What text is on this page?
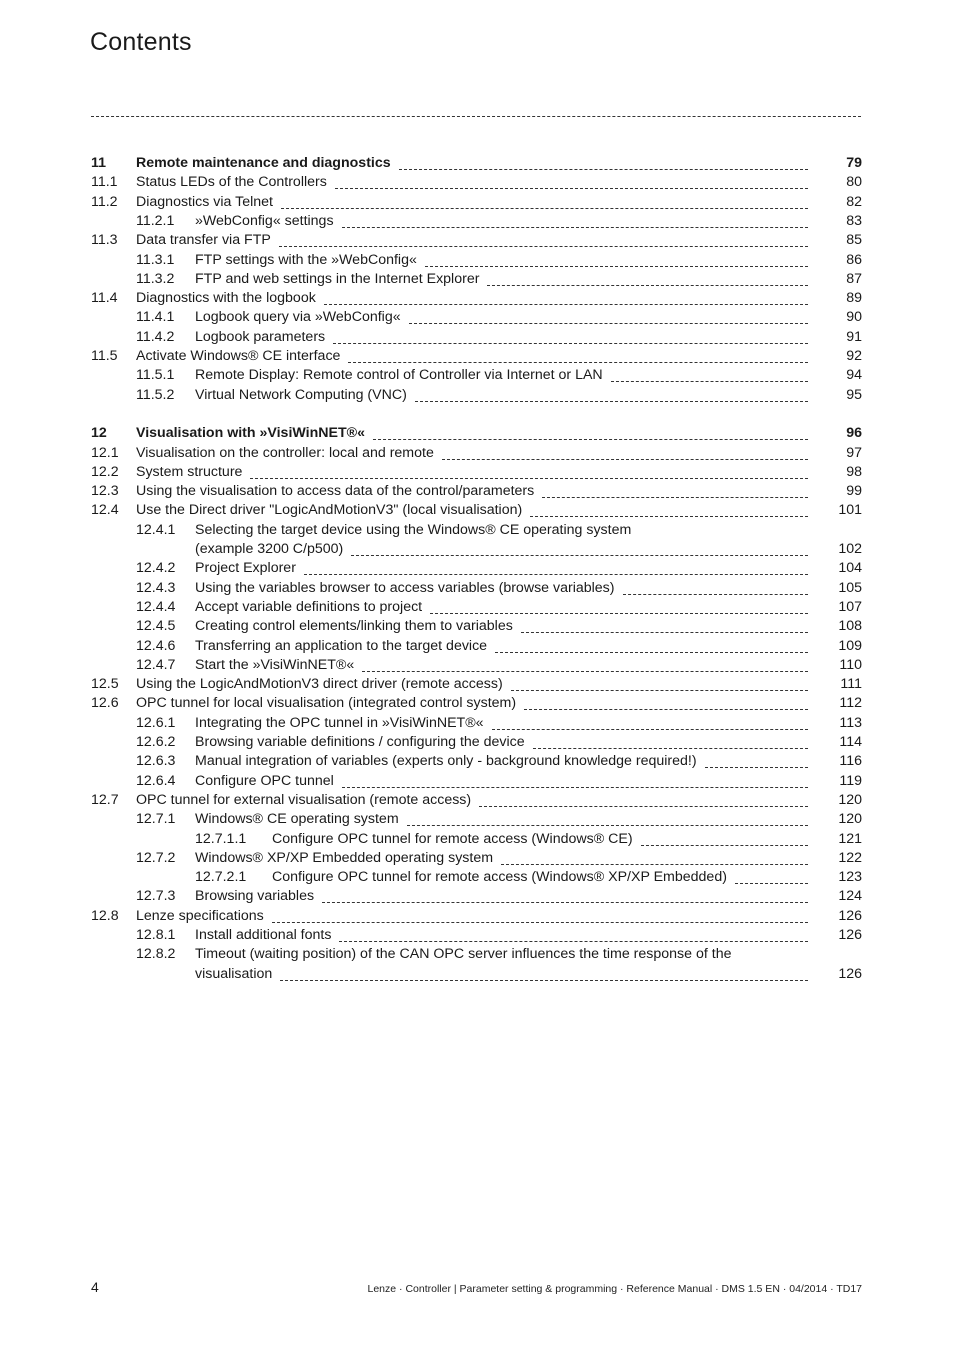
Contents
11 Remote maintenance and diagnostics	79
11.1 Status LEDs of the Controllers	80
11.2 Diagnostics via Telnet	82
11.2.1 »WebConfig« settings	83
11.3 Data transfer via FTP	85
11.3.1 FTP settings with the »WebConfig«	86
11.3.2 FTP and web settings in the Internet Explorer	87
11.4 Diagnostics with the logbook	89
11.4.1 Logbook query via »WebConfig«	90
11.4.2 Logbook parameters	91
11.5 Activate Windows® CE interface	92
11.5.1 Remote Display: Remote control of Controller via Internet or LAN	94
11.5.2 Virtual Network Computing (VNC)	95
12 Visualisation with »VisiWinNET®«	96
12.1 Visualisation on the controller: local and remote	97
12.2 System structure	98
12.3 Using the visualisation to access data of the control/parameters	99
12.4 Use the Direct driver "LogicAndMotionV3" (local visualisation)	101
12.4.1 Selecting the target device using the Windows® CE operating system
(example 3200 C/p500)	102
12.4.2 Project Explorer	104
12.4.3 Using the variables browser to access variables (browse variables)	105
12.4.4 Accept variable definitions to project	107
12.4.5 Creating control elements/linking them to variables	108
12.4.6 Transferring an application to the target device	109
12.4.7 Start the »VisiWinNET®«	110
12.5 Using the LogicAndMotionV3 direct driver (remote access)	111
12.6 OPC tunnel for local visualisation (integrated control system)	112
12.6.1 Integrating the OPC tunnel in »VisiWinNET®«	113
12.6.2 Browsing variable definitions / configuring the device	114
12.6.3 Manual integration of variables (experts only - background knowledge required!)	116
12.6.4 Configure OPC tunnel	119
12.7 OPC tunnel for external visualisation (remote access)	120
12.7.1 Windows® CE operating system	120
12.7.1.1 Configure OPC tunnel for remote access (Windows® CE)	121
12.7.2 Windows® XP/XP Embedded operating system	122
12.7.2.1 Configure OPC tunnel for remote access (Windows® XP/XP Embedded)	123
12.7.3 Browsing variables	124
12.8 Lenze specifications	126
12.8.1 Install additional fonts	126
12.8.2 Timeout (waiting position) of the CAN OPC server influences the time response of the
visualisation	126
4	Lenze · Controller | Parameter setting & programming · Reference Manual · DMS 1.5 EN · 04/2014 · TD17
